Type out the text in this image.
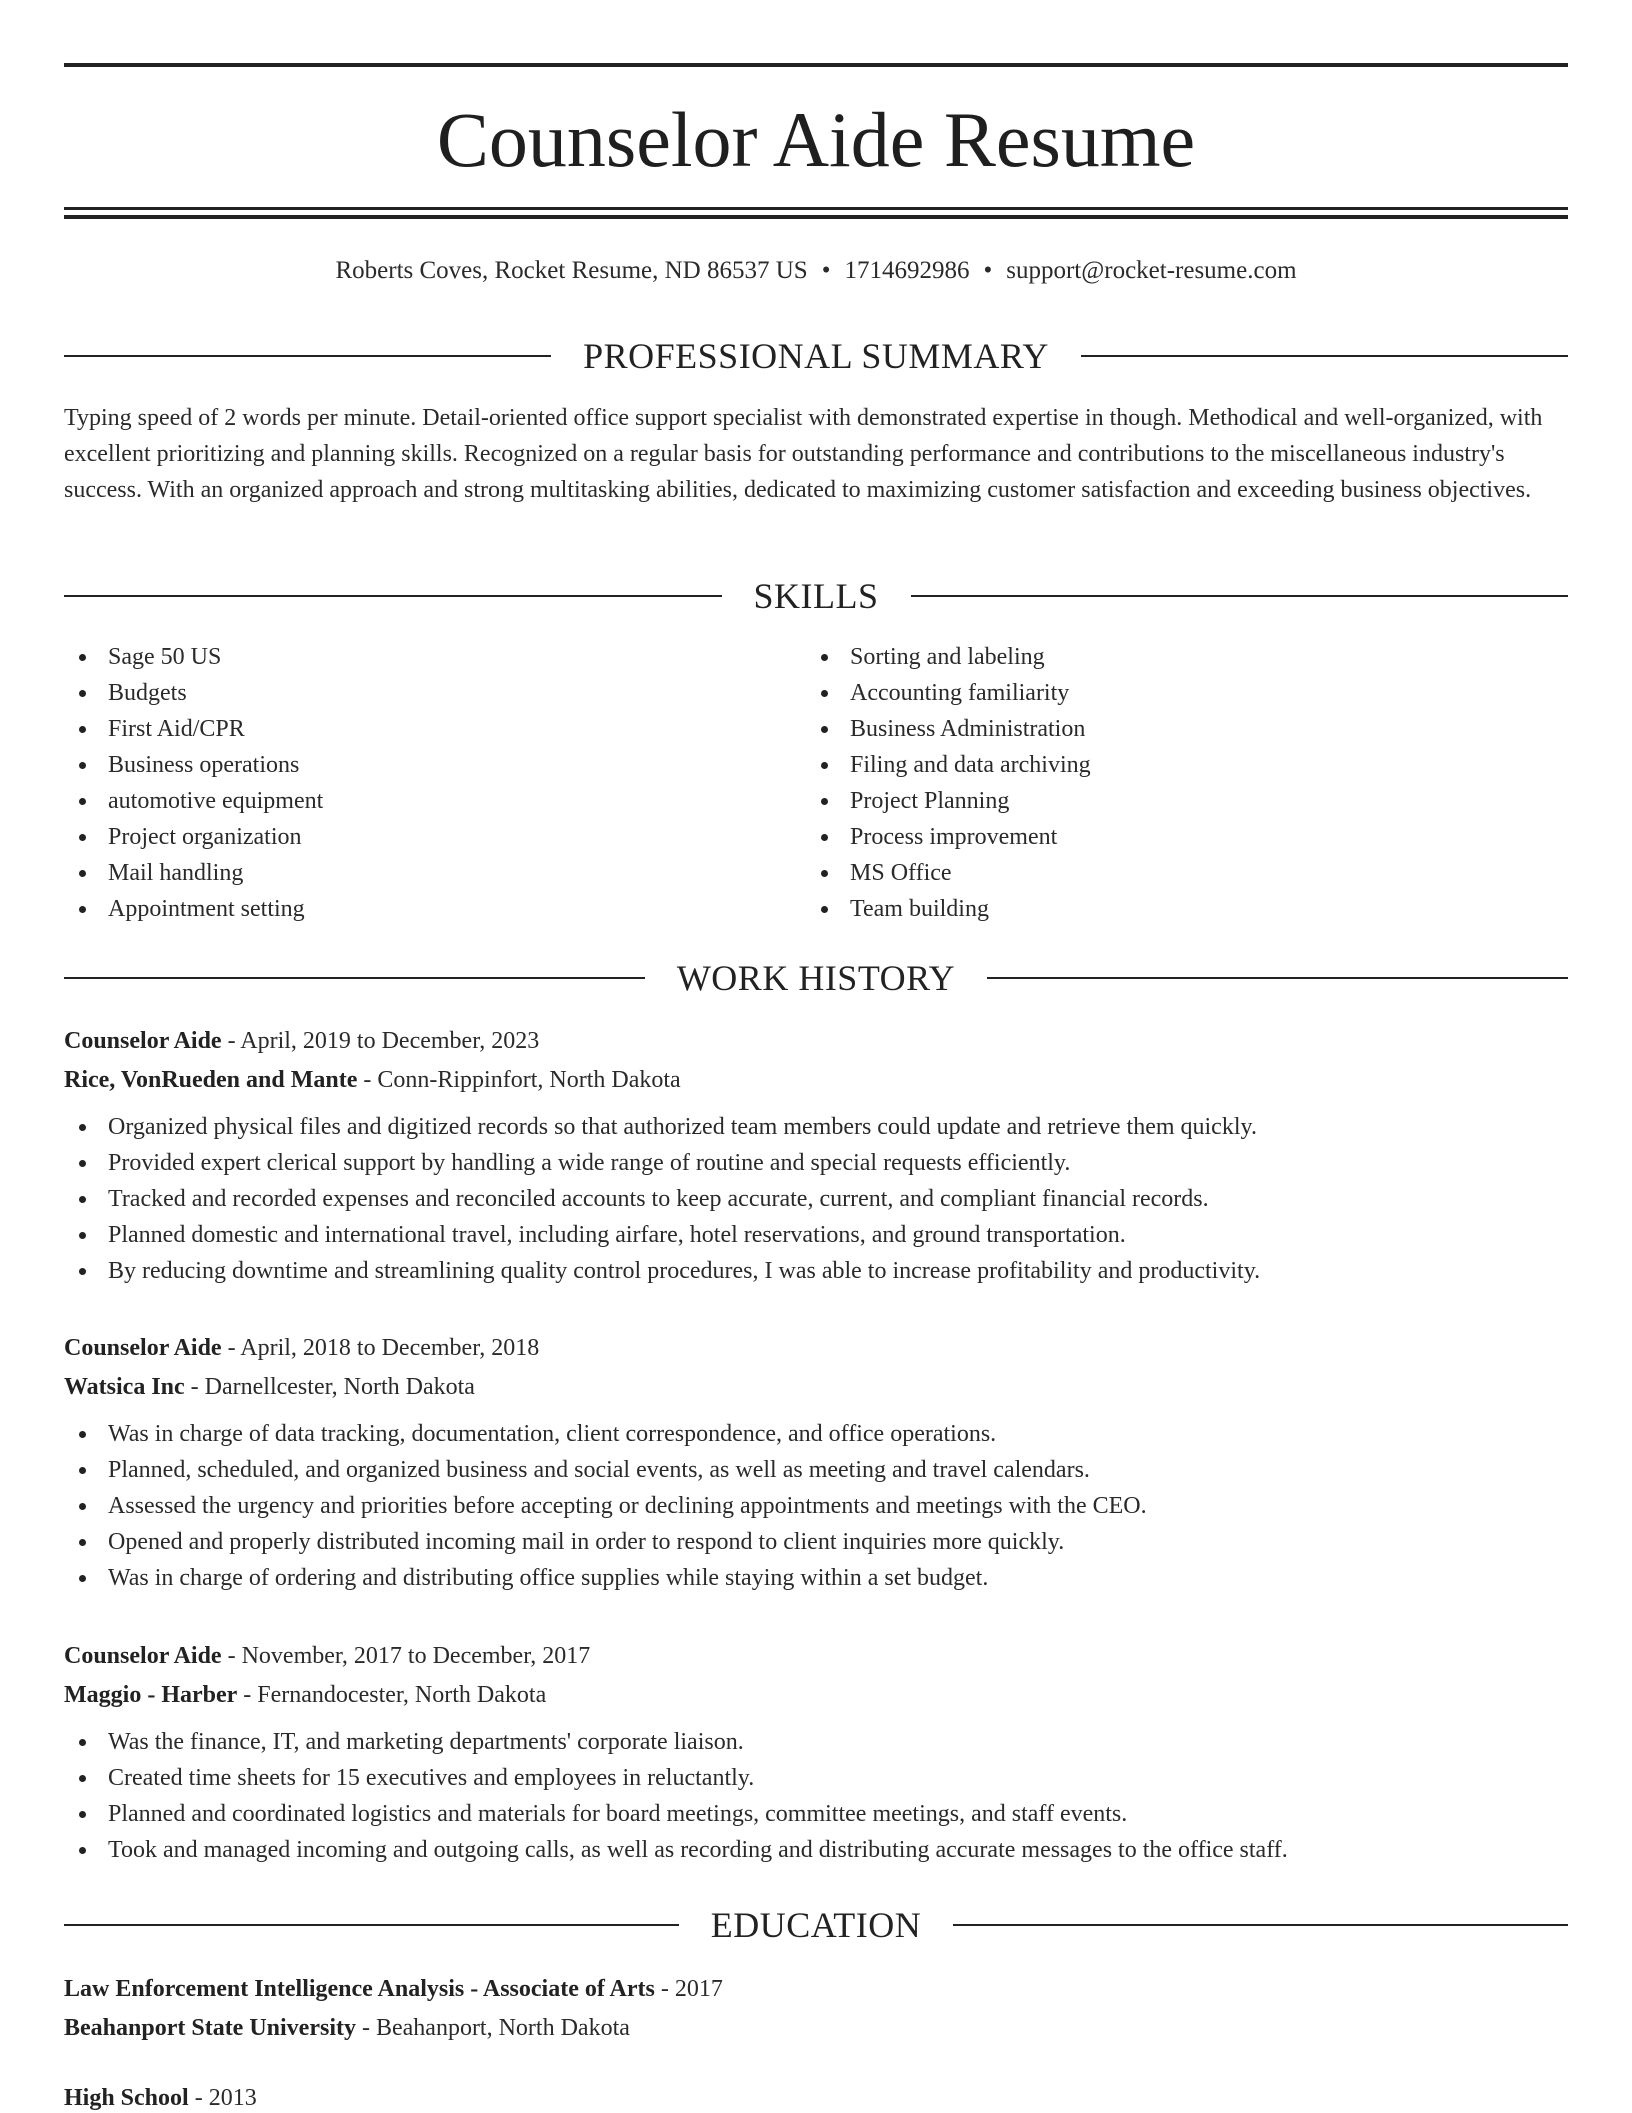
Counselor Aide Resume
Roberts Coves, Rocket Resume, ND 86537 US • 1714692986 • support@rocket-resume.com
PROFESSIONAL SUMMARY

Typing speed of 2 words per minute. Detail-oriented office support specialist with demonstrated expertise in though. Methodical and well-organized, with excellent prioritizing and planning skills. Recognized on a regular basis for outstanding performance and contributions to the miscellaneous industry's success. With an organized approach and strong multitasking abilities, dedicated to maximizing customer satisfaction and exceeding business objectives.

SKILLS
Sage 50 US
Budgets
First Aid/CPR
Business operations
automotive equipment
Project organization
Mail handling
Appointment setting
Sorting and labeling
Accounting familiarity
Business Administration
Filing and data archiving
Project Planning
Process improvement
MS Office
Team building
WORK HISTORY
Counselor Aide - April, 2019 to December, 2023
Rice, VonRueden and Mante - Conn-Rippinfort, North Dakota
Organized physical files and digitized records so that authorized team members could update and retrieve them quickly.
Provided expert clerical support by handling a wide range of routine and special requests efficiently.
Tracked and recorded expenses and reconciled accounts to keep accurate, current, and compliant financial records.
Planned domestic and international travel, including airfare, hotel reservations, and ground transportation.
By reducing downtime and streamlining quality control procedures, I was able to increase profitability and productivity.
Counselor Aide - April, 2018 to December, 2018
Watsica Inc - Darnellcester, North Dakota
Was in charge of data tracking, documentation, client correspondence, and office operations.
Planned, scheduled, and organized business and social events, as well as meeting and travel calendars.
Assessed the urgency and priorities before accepting or declining appointments and meetings with the CEO.
Opened and properly distributed incoming mail in order to respond to client inquiries more quickly.
Was in charge of ordering and distributing office supplies while staying within a set budget.
Counselor Aide - November, 2017 to December, 2017
Maggio - Harber - Fernandocester, North Dakota
Was the finance, IT, and marketing departments' corporate liaison.
Created time sheets for 15 executives and employees in reluctantly.
Planned and coordinated logistics and materials for board meetings, committee meetings, and staff events.
Took and managed incoming and outgoing calls, as well as recording and distributing accurate messages to the office staff.
EDUCATION
Law Enforcement Intelligence Analysis - Associate of Arts - 2017
Beahanport State University - Beahanport, North Dakota
High School - 2013
